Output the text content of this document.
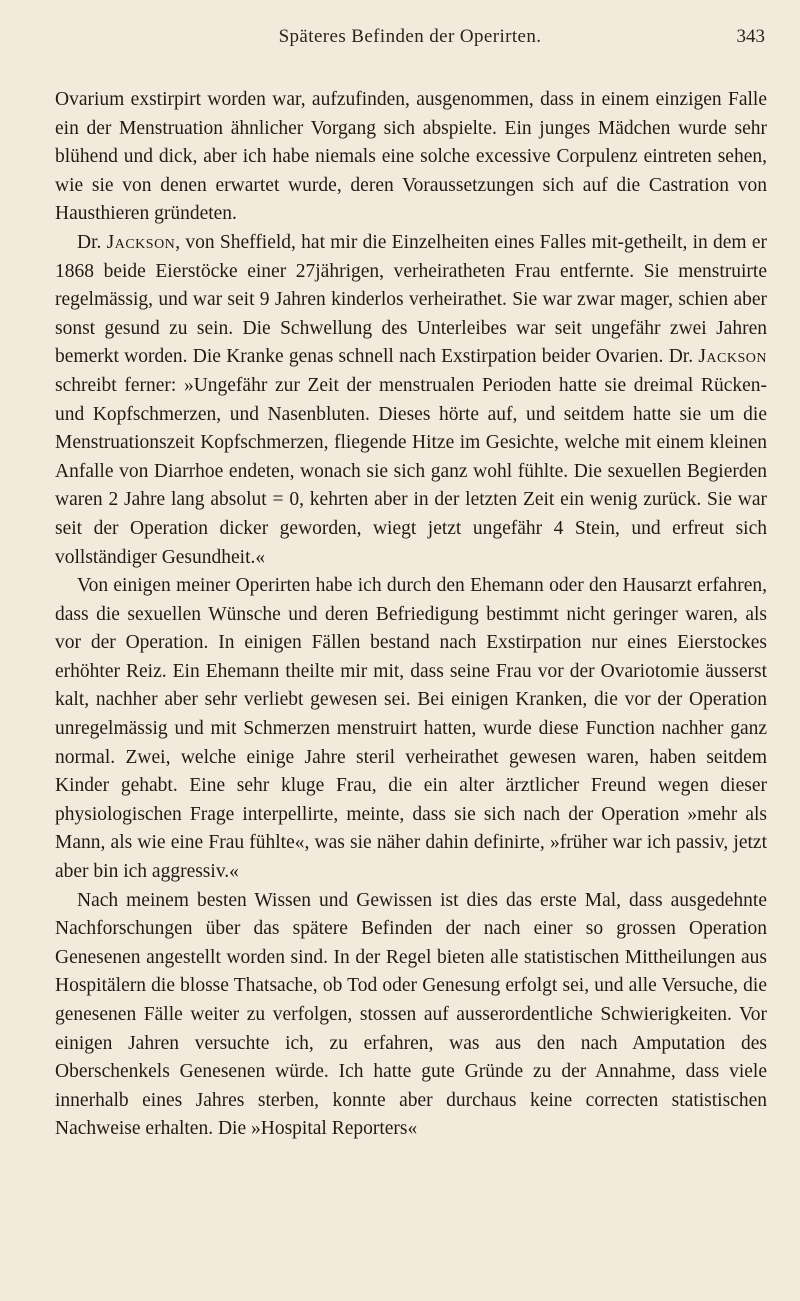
Späteres Befinden der Operirten.	343

Ovarium exstirpirt worden war, aufzufinden, ausgenommen, dass in einem einzigen Falle ein der Menstruation ähnlicher Vorgang sich abspielte. Ein junges Mädchen wurde sehr blühend und dick, aber ich habe niemals eine solche excessive Corpulenz eintreten sehen, wie sie von denen erwartet wurde, deren Voraussetzungen sich auf die Castration von Hausthieren gründeten.

Dr. Jackson, von Sheffield, hat mir die Einzelheiten eines Falles mit-getheilt, in dem er 1868 beide Eierstöcke einer 27jährigen, verheiratheten Frau entfernte. Sie menstruirte regelmässig, und war seit 9 Jahren kinderlos verheirathet. Sie war zwar mager, schien aber sonst gesund zu sein. Die Schwellung des Unterleibes war seit ungefähr zwei Jahren bemerkt worden. Die Kranke genas schnell nach Exstirpation beider Ovarien. Dr. Jackson schreibt ferner: »Ungefähr zur Zeit der menstrualen Perioden hatte sie dreimal Rücken- und Kopfschmerzen, und Nasenbluten. Dieses hörte auf, und seitdem hatte sie um die Menstruationszeit Kopfschmerzen, fliegende Hitze im Gesichte, welche mit einem kleinen Anfalle von Diarrhoe endeten, wonach sie sich ganz wohl fühlte. Die sexuellen Begierden waren 2 Jahre lang absolut = 0, kehrten aber in der letzten Zeit ein wenig zurück. Sie war seit der Operation dicker geworden, wiegt jetzt ungefähr 4 Stein, und erfreut sich vollständiger Gesundheit.«

Von einigen meiner Operirten habe ich durch den Ehemann oder den Hausarzt erfahren, dass die sexuellen Wünsche und deren Befriedigung bestimmt nicht geringer waren, als vor der Operation. In einigen Fällen bestand nach Exstirpation nur eines Eierstockes erhöhter Reiz. Ein Ehemann theilte mir mit, dass seine Frau vor der Ovariotomie äusserst kalt, nachher aber sehr verliebt gewesen sei. Bei einigen Kranken, die vor der Operation unregelmässig und mit Schmerzen menstruirt hatten, wurde diese Function nachher ganz normal. Zwei, welche einige Jahre steril verheirathet gewesen waren, haben seitdem Kinder gehabt. Eine sehr kluge Frau, die ein alter ärztlicher Freund wegen dieser physiologischen Frage interpellirte, meinte, dass sie sich nach der Operation »mehr als Mann, als wie eine Frau fühlte«, was sie näher dahin definirte, »früher war ich passiv, jetzt aber bin ich aggressiv.«

Nach meinem besten Wissen und Gewissen ist dies das erste Mal, dass ausgedehnte Nachforschungen über das spätere Befinden der nach einer so grossen Operation Genesenen angestellt worden sind. In der Regel bieten alle statistischen Mittheilungen aus Hospitälern die blosse Thatsache, ob Tod oder Genesung erfolgt sei, und alle Versuche, die genesenen Fälle weiter zu verfolgen, stossen auf ausserordentliche Schwierigkeiten. Vor einigen Jahren versuchte ich, zu erfahren, was aus den nach Amputation des Oberschenkels Genesenen würde. Ich hatte gute Gründe zu der Annahme, dass viele innerhalb eines Jahres sterben, konnte aber durchaus keine correcten statistischen Nachweise erhalten. Die »Hospital Reporters«
